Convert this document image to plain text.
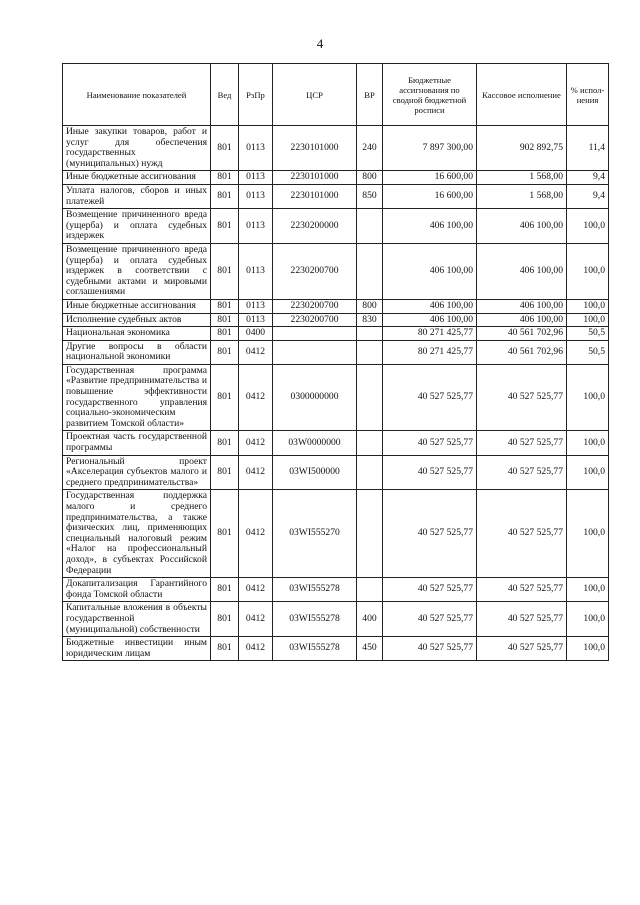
4
Наименование показателей	Вед	РзПр	ЦСР	ВР	Бюджетные ассигнования по сводной бюджетной росписи	Кассовое исполнение	% испол-нения
Иные закупки товаров, работ и услуг для обеспечения государственных (муниципальных) нужд	801	0113	2230101000	240	7 897 300,00	902 892,75	11,4
Иные бюджетные ассигнования	801	0113	2230101000	800	16 600,00	1 568,00	9,4
Уплата налогов, сборов и иных платежей	801	0113	2230101000	850	16 600,00	1 568,00	9,4
Возмещение причиненного вреда (ущерба) и оплата судебных издержек	801	0113	2230200000		406 100,00	406 100,00	100,0
Возмещение причиненного вреда (ущерба) и оплата судебных издержек в соответствии с судебными актами и мировыми соглашениями	801	0113	2230200700		406 100,00	406 100,00	100,0
Иные бюджетные ассигнования	801	0113	2230200700	800	406 100,00	406 100,00	100,0
Исполнение судебных актов	801	0113	2230200700	830	406 100,00	406 100,00	100,0
Национальная экономика	801	0400			80 271 425,77	40 561 702,96	50,5
Другие вопросы в области национальной экономики	801	0412			80 271 425,77	40 561 702,96	50,5
Государственная программа «Развитие предпринимательства и повышение эффективности государственного управления социально-экономическим развитием Томской области»	801	0412	0300000000		40 527 525,77	40 527 525,77	100,0
Проектная часть государственной программы	801	0412	03W0000000		40 527 525,77	40 527 525,77	100,0
Региональный проект «Акселерация субъектов малого и среднего предпринимательства»	801	0412	03WI500000		40 527 525,77	40 527 525,77	100,0
Государственная поддержка малого и среднего предпринимательства, а также физических лиц, применяющих специальный налоговый режим «Налог на профессиональный доход», в субъектах Российской Федерации	801	0412	03WI555270		40 527 525,77	40 527 525,77	100,0
Докапитализация Гарантийного фонда Томской области	801	0412	03WI555278		40 527 525,77	40 527 525,77	100,0
Капитальные вложения в объекты государственной (муниципальной) собственности	801	0412	03WI555278	400	40 527 525,77	40 527 525,77	100,0
Бюджетные инвестиции иным юридическим лицам	801	0412	03WI555278	450	40 527 525,77	40 527 525,77	100,0
